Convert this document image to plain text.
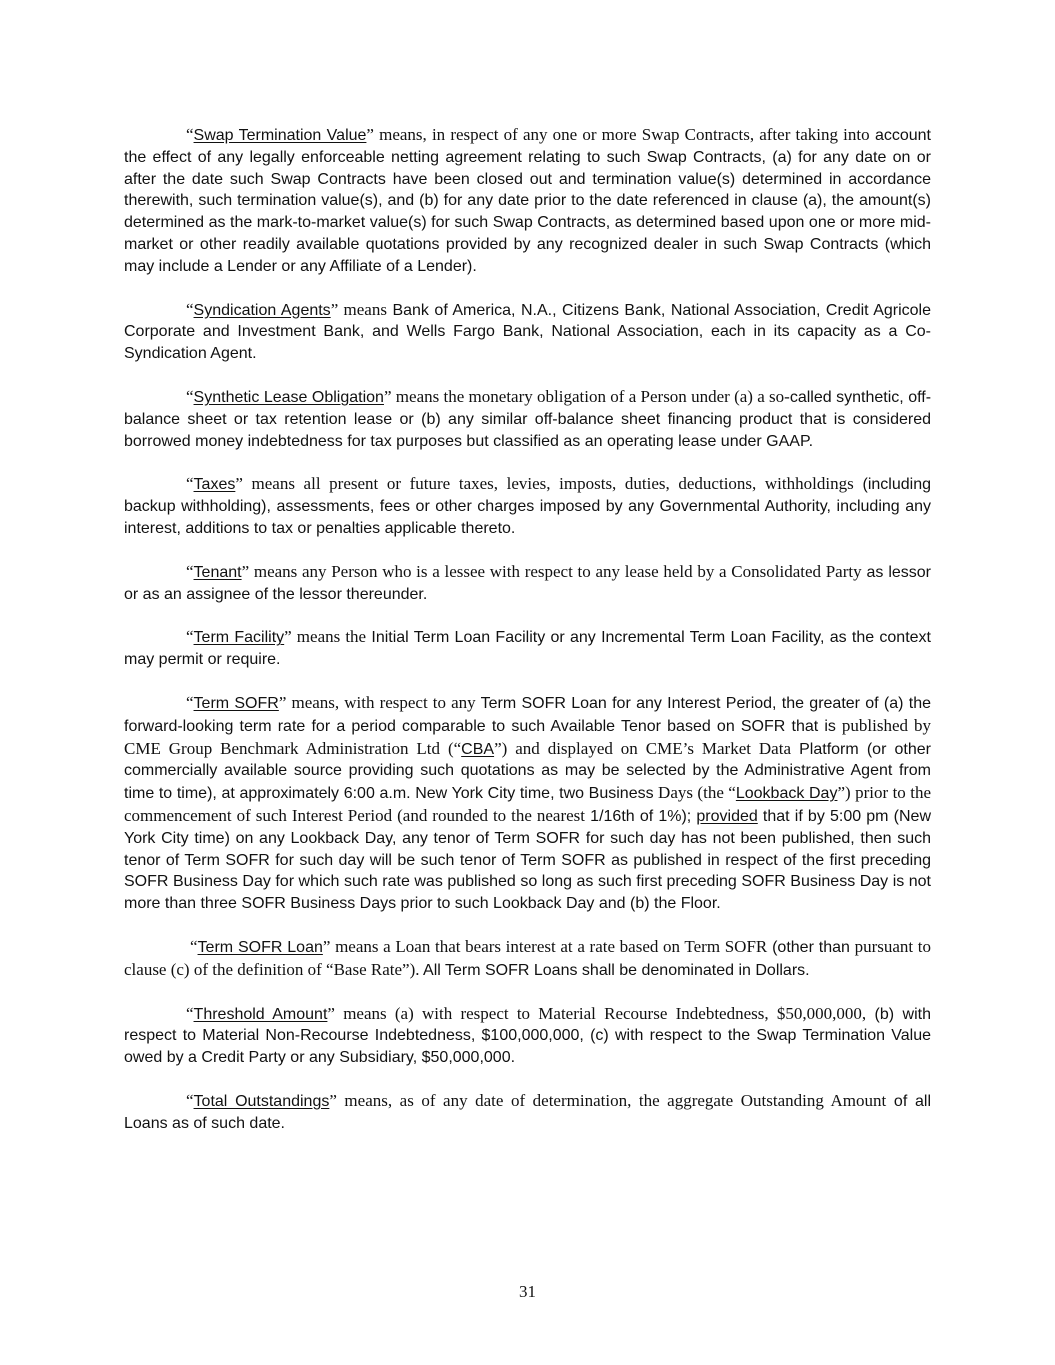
“Swap Termination Value” means, in respect of any one or more Swap Contracts, after taking into account the effect of any legally enforceable netting agreement relating to such Swap Contracts, (a) for any date on or after the date such Swap Contracts have been closed out and termination value(s) determined in accordance therewith, such termination value(s), and (b) for any date prior to the date referenced in clause (a), the amount(s) determined as the mark-to-market value(s) for such Swap Contracts, as determined based upon one or more mid-market or other readily available quotations provided by any recognized dealer in such Swap Contracts (which may include a Lender or any Affiliate of a Lender).

“Syndication Agents” means Bank of America, N.A., Citizens Bank, National Association, Credit Agricole Corporate and Investment Bank, and Wells Fargo Bank, National Association, each in its capacity as a Co-Syndication Agent.

“Synthetic Lease Obligation” means the monetary obligation of a Person under (a) a so-called synthetic, off-balance sheet or tax retention lease or (b) any similar off-balance sheet financing product that is considered borrowed money indebtedness for tax purposes but classified as an operating lease under GAAP.

“Taxes” means all present or future taxes, levies, imposts, duties, deductions, withholdings (including backup withholding), assessments, fees or other charges imposed by any Governmental Authority, including any interest, additions to tax or penalties applicable thereto.

“Tenant” means any Person who is a lessee with respect to any lease held by a Consolidated Party as lessor or as an assignee of the lessor thereunder.

“Term Facility” means the Initial Term Loan Facility or any Incremental Term Loan Facility, as the context may permit or require.

“Term SOFR” means, with respect to any Term SOFR Loan for any Interest Period, the greater of (a) the forward-looking term rate for a period comparable to such Available Tenor based on SOFR that is published by CME Group Benchmark Administration Ltd (“CBA”) and displayed on CME’s Market Data Platform (or other commercially available source providing such quotations as may be selected by the Administrative Agent from time to time), at approximately 6:00 a.m. New York City time, two Business Days (the “Lookback Day”) prior to the commencement of such Interest Period (and rounded to the nearest 1/16th of 1%); provided that if by 5:00 pm (New York City time) on any Lookback Day, any tenor of Term SOFR for such day has not been published, then such tenor of Term SOFR for such day will be such tenor of Term SOFR as published in respect of the first preceding SOFR Business Day for which such rate was published so long as such first preceding SOFR Business Day is not more than three SOFR Business Days prior to such Lookback Day and (b) the Floor.

“Term SOFR Loan” means a Loan that bears interest at a rate based on Term SOFR (other than pursuant to clause (c) of the definition of “Base Rate”). All Term SOFR Loans shall be denominated in Dollars.

“Threshold Amount” means (a) with respect to Material Recourse Indebtedness, $50,000,000, (b) with respect to Material Non-Recourse Indebtedness, $100,000,000, (c) with respect to the Swap Termination Value owed by a Credit Party or any Subsidiary, $50,000,000.

“Total Outstandings” means, as of any date of determination, the aggregate Outstanding Amount of all Loans as of such date.

31
